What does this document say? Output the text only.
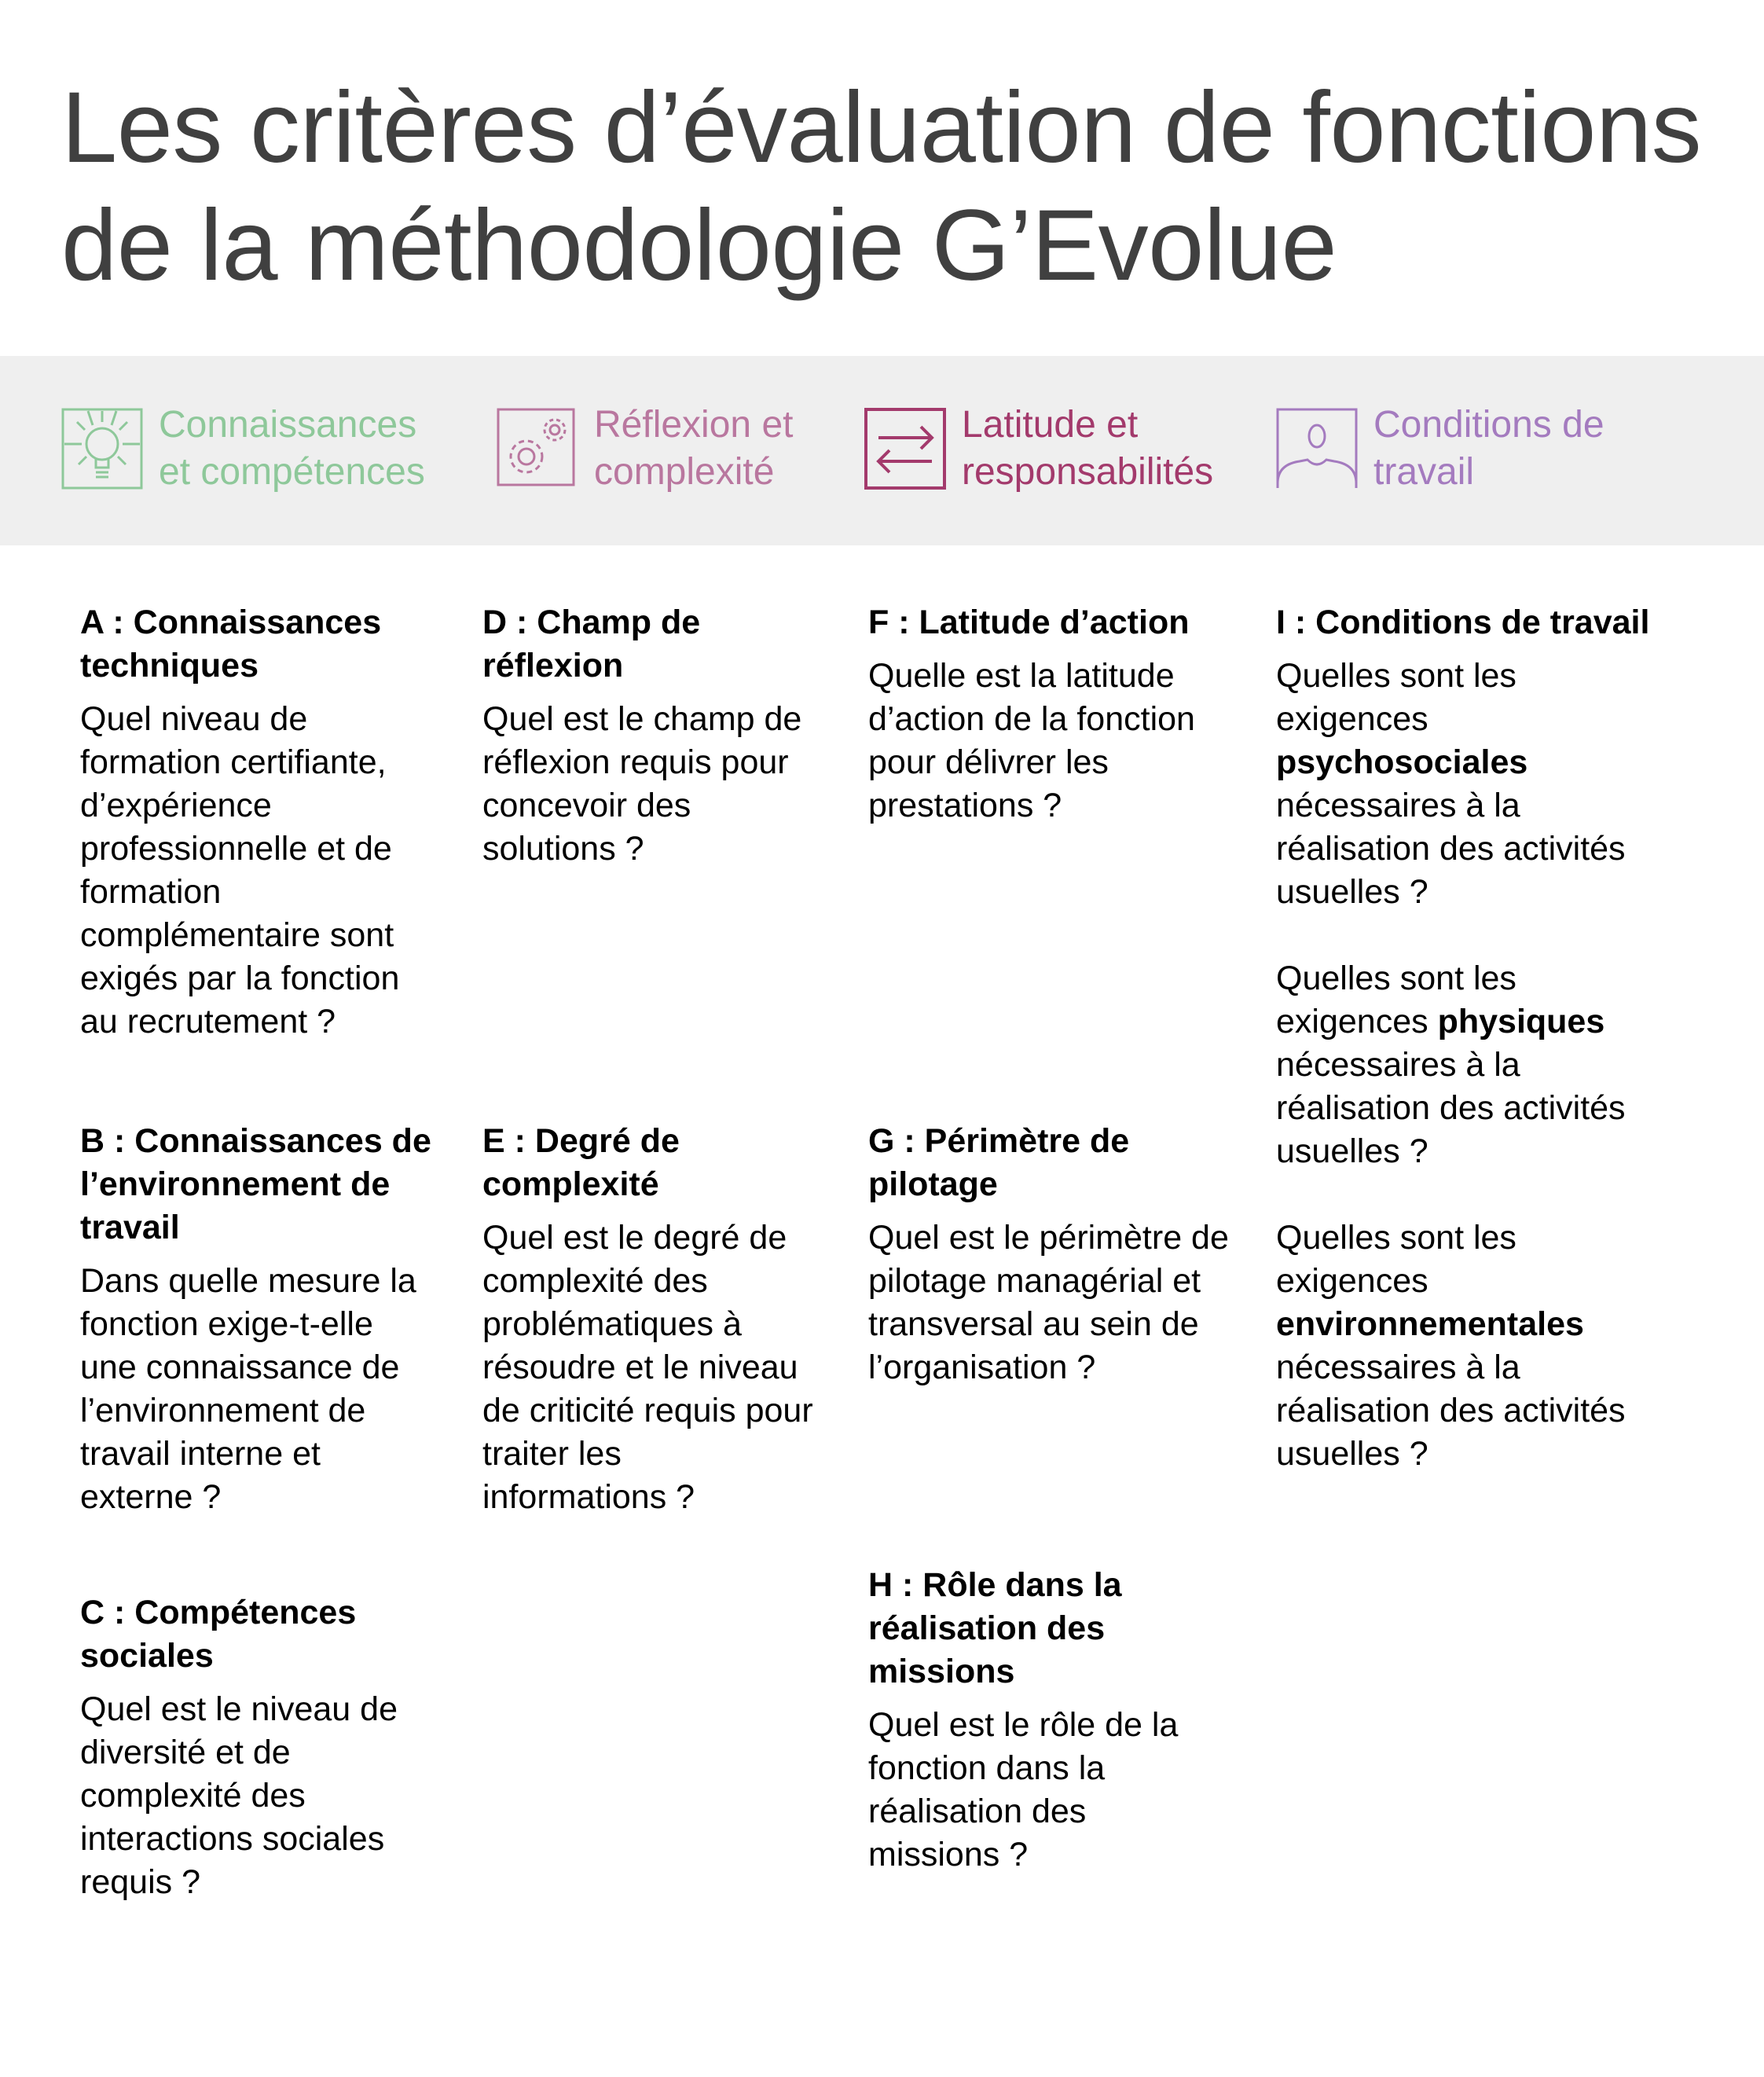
Les critères d’évaluation de fonctions
de la méthodologie G’Evolue
Connaissances
et compétences
Réflexion et
complexité
Latitude et
responsabilités
Conditions de
travail
A : Connaissances
techniques

Quel niveau de
formation certifiante,
d’expérience
professionnelle et de
formation
complémentaire sont
exigés par la fonction
au recrutement ?

B : Connaissances de
l’environnement de
travail

Dans quelle mesure la
fonction exige-t-elle
une connaissance de
l’environnement de
travail interne et
externe ?

C : Compétences
sociales

Quel est le niveau de
diversité et de
complexité des
interactions sociales
requis ?

D : Champ de
réflexion

Quel est le champ de
réflexion requis pour
concevoir des
solutions ?

E : Degré de
complexité

Quel est le degré de
complexité des
problématiques à
résoudre et le niveau
de criticité requis pour
traiter les
informations ?

F : Latitude d’action

Quelle est la latitude
d’action de la fonction
pour délivrer les
prestations ?

G : Périmètre de
pilotage

Quel est le périmètre de
pilotage managérial et
transversal au sein de
l’organisation ?

H : Rôle dans la
réalisation des
missions

Quel est le rôle de la
fonction dans la
réalisation des
missions ?

I : Conditions de travail

Quelles sont les
exigences
psychosociales
nécessaires à la
réalisation des activités
usuelles ?

Quelles sont les
exigences physiques
nécessaires à la
réalisation des activités
usuelles ?

Quelles sont les
exigences
environnementales
nécessaires à la
réalisation des activités
usuelles ?
